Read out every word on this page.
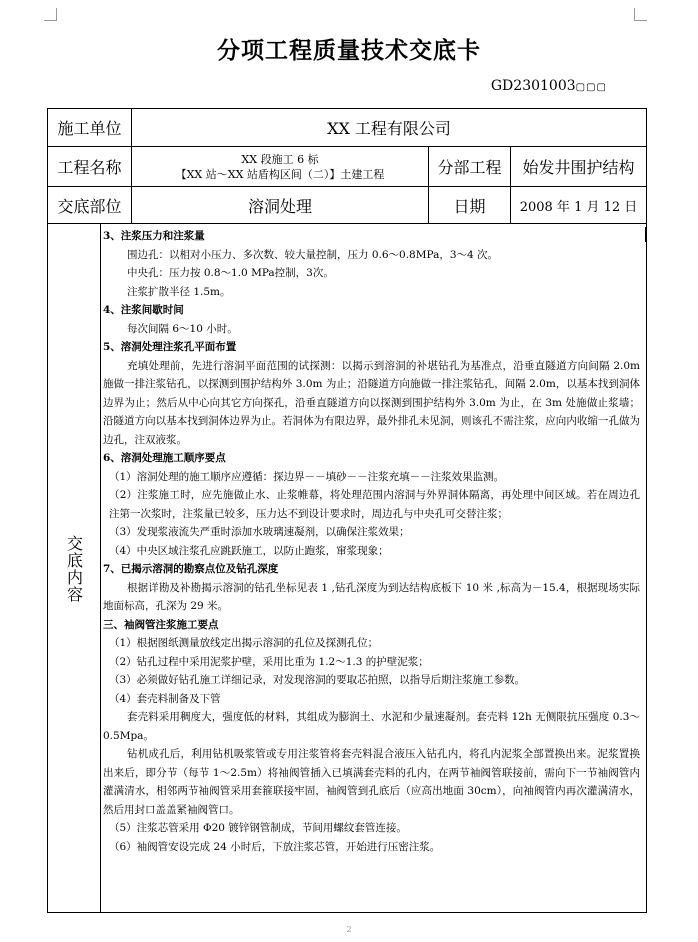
分项工程质量技术交底卡
GD2301003▢▢▢
施工单位	XX 工程有限公司
工程名称	XX 段施工 6 标
【XX 站～XX 站盾构区间（二）】土建工程	分部工程	始发井围护结构
交底部位	溶洞处理	日期	2008 年 1 月 12 日
交底内容

3、注浆压力和注浆量

围边孔：以相对小压力、多次数、较大量控制，压力 0.6～0.8MPa，3～4 次。

中央孔：压力按 0.8～1.0 MPa控制，3次。

注浆扩散半径 1.5m。

4、注浆间歇时间

每次间隔 6～10 小时。

5、溶洞处理注浆孔平面布置

充填处理前，先进行溶洞平面范围的试探测：以揭示到溶洞的补堪钻孔为基准点，沿垂直隧道方向间隔 2.0m 施做一排注浆钻孔，以探测到围护结构外 3.0m 为止；沿隧道方向施做一排注浆钻孔，间隔 2.0m，以基本找到洞体边界为止；然后从中心向其它方向探孔，沿垂直隧道方向以探测到围护结构外 3.0m 为止，在 3m 处施做止浆墙；沿隧道方向以基本找到洞体边界为止。若洞体为有限边界，最外排孔未见洞，则该孔不需注浆，应向内收缩一孔做为边孔，注双液浆。

6、溶洞处理施工顺序要点

（1）溶洞处理的施工顺序应遵循：探边界－－填砂－－注浆充填－－注浆效果监测。

（2）注浆施工时，应先施做止水、止浆帷幕，将处理范围内溶洞与外界洞体隔离，再处理中间区域。若在周边孔注第一次浆时，注浆量已较多，压力达不到设计要求时，周边孔与中央孔可交替注浆；

（3）发现浆液流失严重时添加水玻璃速凝剂，以确保注浆效果；

（4）中央区域注浆孔应跳跃施工，以防止跑浆，窜浆现象；

7、已揭示溶洞的勘察点位及钻孔深度

根据详勘及补勘揭示溶洞的钻孔坐标见表 1 ,钻孔深度为到达结构底板下 10 米 ,标高为－15.4，根据现场实际地面标高，孔深为 29 米。

三、袖阀管注浆施工要点

（1）根据图纸测量放线定出揭示溶洞的孔位及探测孔位；

（2）钻孔过程中采用泥浆护壁，采用比重为 1.2～1.3 的护壁泥浆；

（3）必须做好钻孔施工详细记录，对发现溶洞的要取芯拍照，以指导后期注浆施工参数。

（4）套壳料制备及下管

套壳料采用稠度大，强度低的材料，其组成为膨润土、水泥和少量速凝剂。套壳料 12h 无侧限抗压强度 0.3～0.5Mpa。

钻机成孔后，利用钻机吸浆管或专用注浆管将套壳料混合液压入钻孔内，将孔内泥浆全部置换出来。泥浆置换出来后，即分节（每节 1～2.5m）将袖阀管插入已填满套壳料的孔内，在两节袖阀管联接前，需向下一节袖阀管内灌满清水，相邻两节袖阀管采用套箍联接牢固，袖阀管到孔底后（应高出地面 30cm），向袖阀管内再次灌满清水，然后用封口盖盖紧袖阀管口。

（5）注浆芯管采用 Φ20 镀锌钢管制成，节间用螺纹套管连接。

（6）袖阀管安设完成 24 小时后，下放注浆芯管，开始进行压密注浆。

2
